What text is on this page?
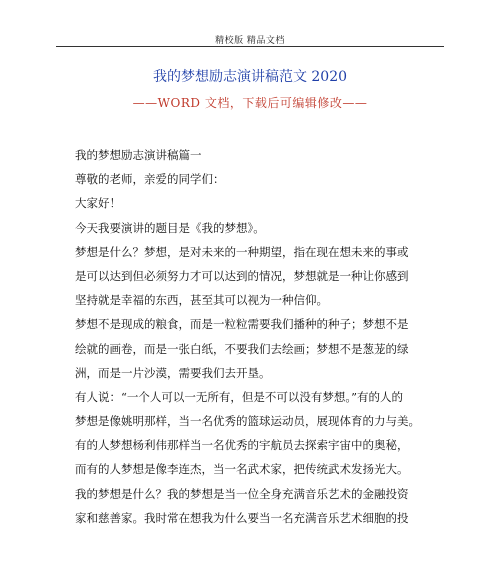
精校版 精品文档
我的梦想励志演讲稿范文 2020
——WORD 文档，下载后可编辑修改——
我的梦想励志演讲稿篇一
尊敬的老师，亲爱的同学们：
大家好！
今天我要演讲的题目是《我的梦想》。
梦想是什么？梦想，是对未来的一种期望，指在现在想未来的事或
是可以达到但必须努力才可以达到的情况，梦想就是一种让你感到
坚持就是幸福的东西，甚至其可以视为一种信仰。
梦想不是现成的粮食，而是一粒粒需要我们播种的种子；梦想不是
绘就的画卷，而是一张白纸，不要我们去绘画；梦想不是葱茏的绿
洲，而是一片沙漠，需要我们去开垦。
有人说：“一个人可以一无所有，但是不可以没有梦想。”有的人的
梦想是像姚明那样，当一名优秀的篮球运动员，展现体育的力与美。
有的人梦想杨利伟那样当一名优秀的宇航员去探索宇宙中的奥秘，
而有的人梦想是像李连杰，当一名武术家，把传统武术发扬光大。
我的梦想是什么？我的梦想是当一位全身充满音乐艺术的金融投资
家和慈善家。我时常在想我为什么要当一名充满音乐艺术细胞的投
